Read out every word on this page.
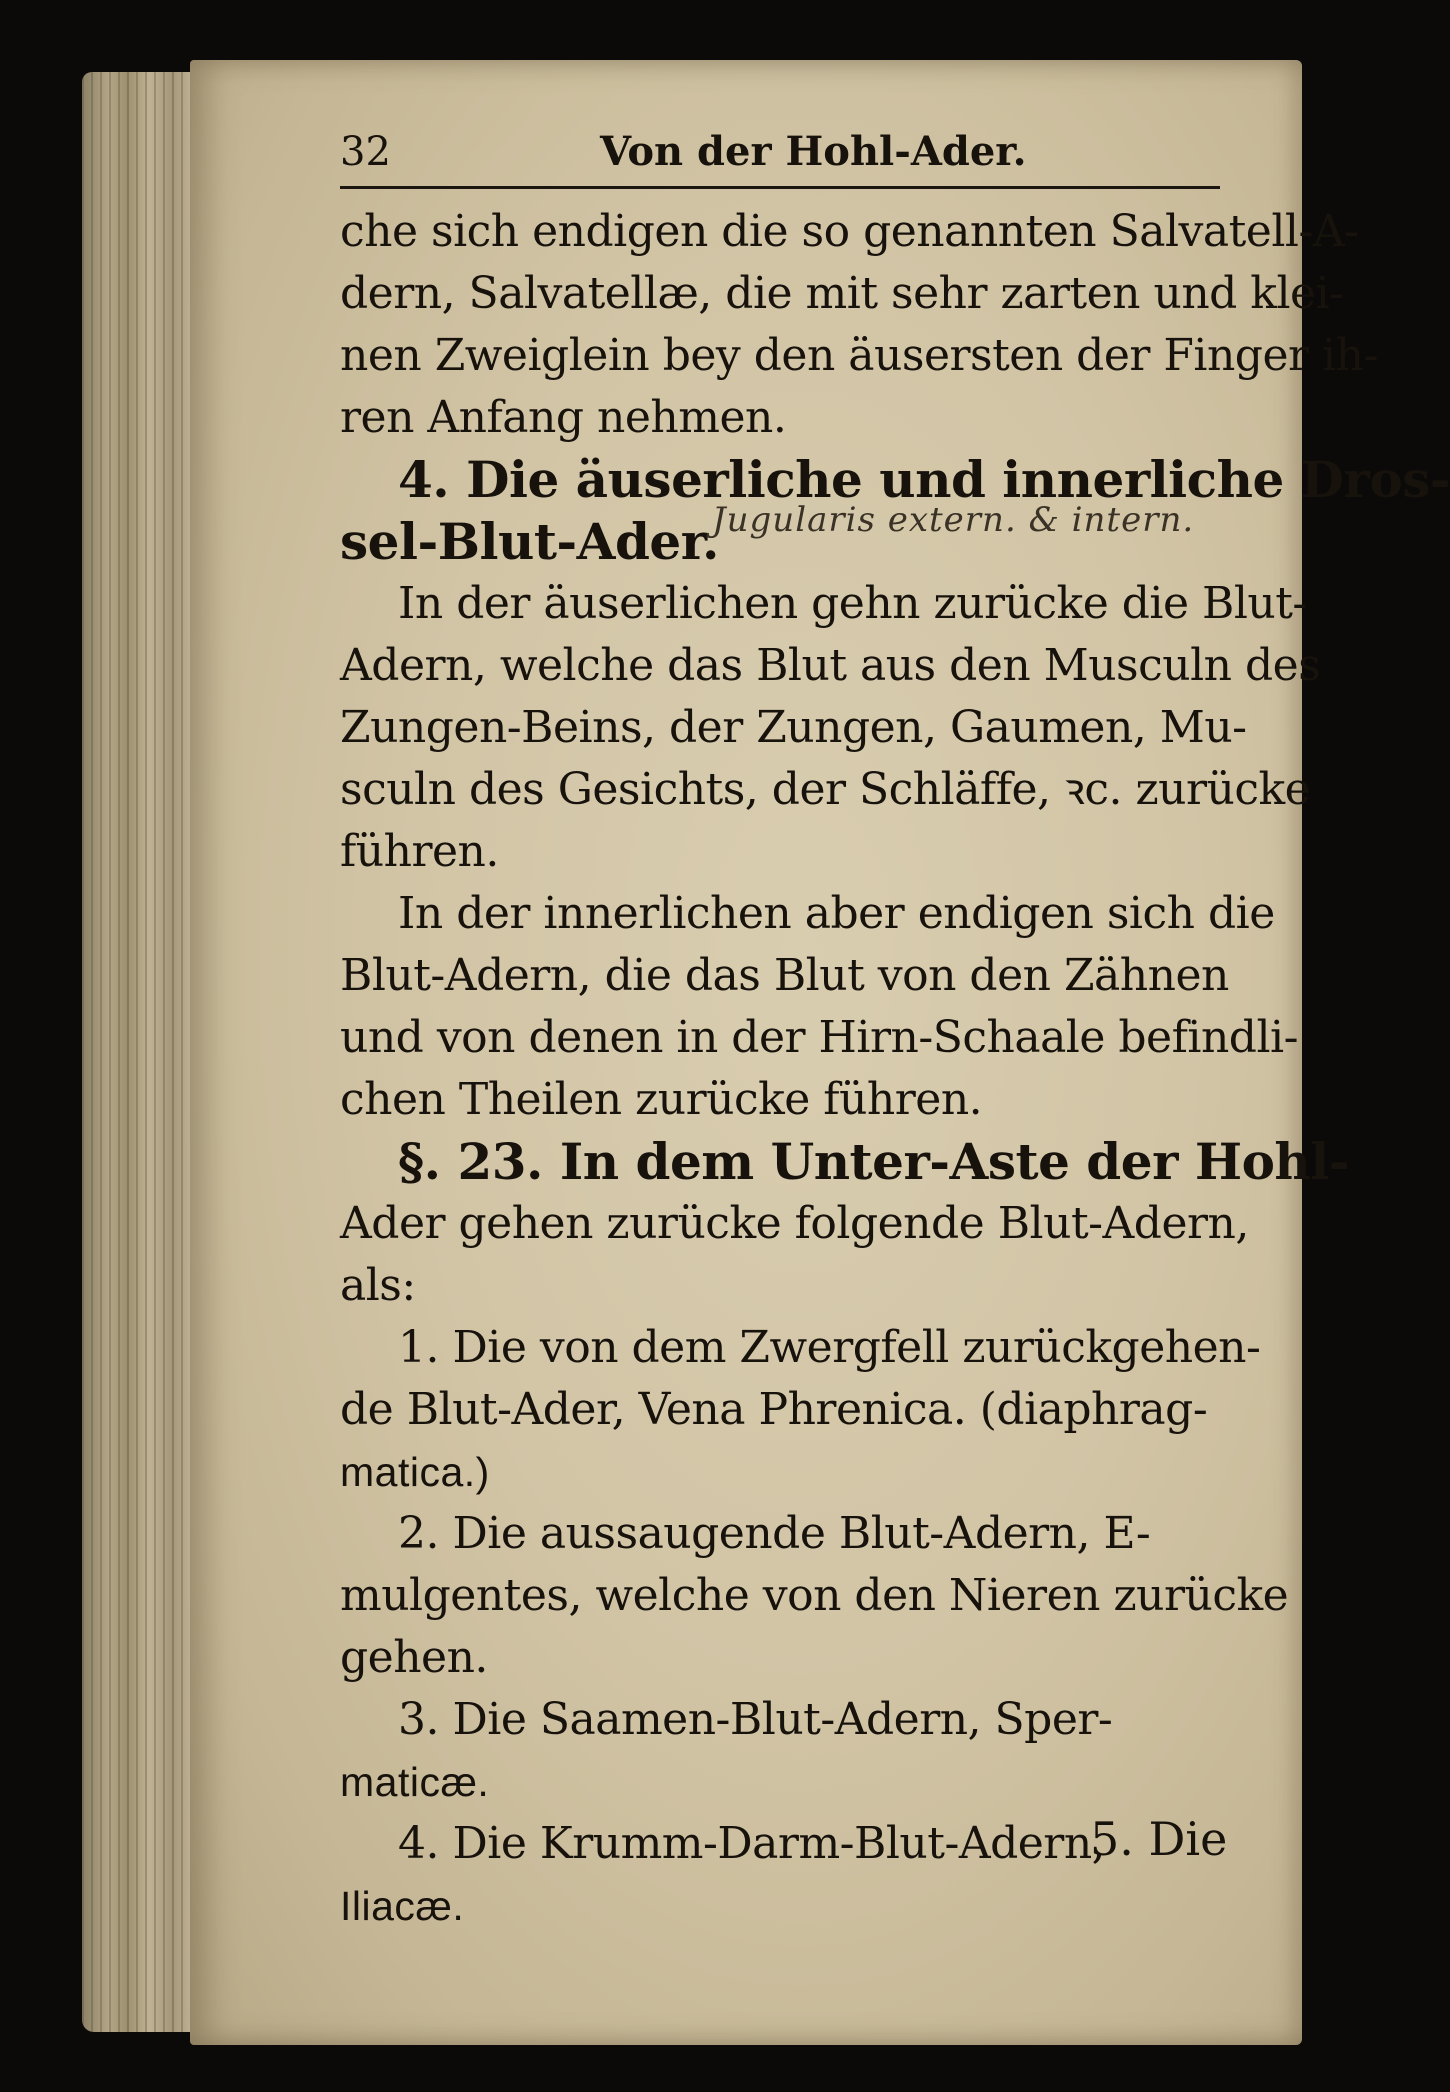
32	Von der Hohl-Ader.
che sich endigen die so genannten Salvatell-A-
dern, Salvatellæ, die mit sehr zarten und klei-
nen Zweiglein bey den äusersten der Finger ih-
ren Anfang nehmen.
4. Die äuserliche und innerliche Dros-
sel-Blut-Ader.
In der äuserlichen gehn zurücke die Blut-
Adern, welche das Blut aus den Musculn des
Zungen-Beins, der Zungen, Gaumen, Mu-
sculn des Gesichts, der Schläffe, ꝛc. zurücke
führen.
In der innerlichen aber endigen sich die
Blut-Adern, die das Blut von den Zähnen
und von denen in der Hirn-Schaale befindli-
chen Theilen zurücke führen.
§. 23. In dem Unter-Aste der Hohl-
Ader gehen zurücke folgende Blut-Adern,
als:
1. Die von dem Zwergfell zurückgehen-
de Blut-Ader, Vena Phrenica. (diaphrag-
matica.)
2. Die aussaugende Blut-Adern, E-
mulgentes, welche von den Nieren zurücke
gehen.
3. Die Saamen-Blut-Adern, Sper-
maticæ.
4. Die Krumm-Darm-Blut-Adern,
Iliacæ.
Jugularis extern. & intern.
5. Die
